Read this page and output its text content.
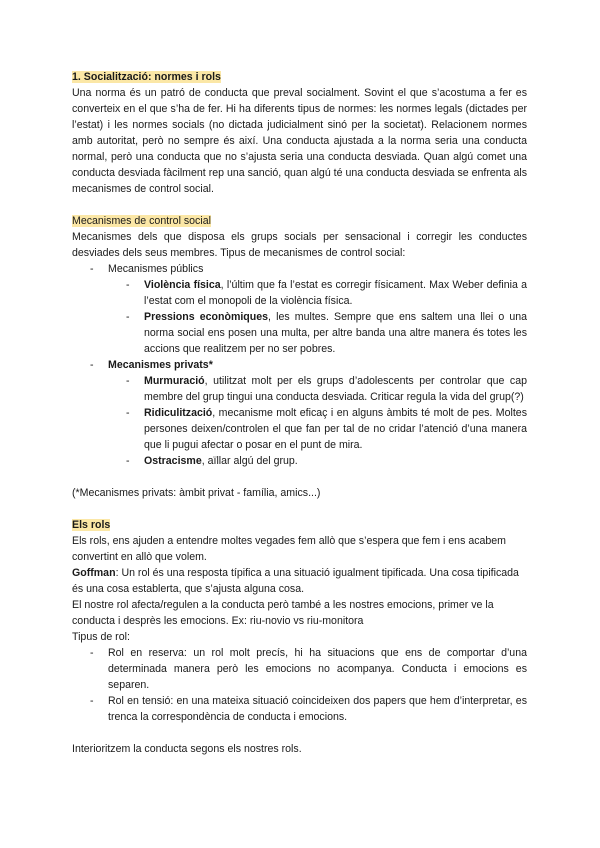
1. Socialització: normes i rols

Una norma és un patró de conducta que preval socialment. Sovint el que s’acostuma a fer es converteix en el que s’ha de fer. Hi ha diferents tipus de normes: les normes legals (dictades per l’estat) i les normes socials (no dictada judicialment sinó per la societat). Relacionem normes amb autoritat, però no sempre és així. Una conducta ajustada a la norma seria una conducta normal, però una conducta que no s’ajusta seria una conducta desviada. Quan algú comet una conducta desviada fàcilment rep una sanció, quan algú té una conducta desviada se enfrenta als mecanismes de control social.

Mecanismes de control social

Mecanismes dels que disposa els grups socials per sensacional i corregir les conductes desviades dels seus membres. Tipus de mecanismes de control social:

- Mecanismes públics
- Violència física, l’últim que fa l’estat es corregir físicament. Max Weber definia a l’estat com el monopoli de la violència física.
- Pressions econòmiques, les multes. Sempre que ens saltem una llei o una norma social ens posen una multa, per altre banda una altre manera és totes les accions que realitzem per no ser pobres.
- Mecanismes privats*
- Murmuració, utilitzat molt per els grups d’adolescents per controlar que cap membre del grup tingui una conducta desviada. Criticar regula la vida del grup(?)
- Ridiculització, mecanisme molt eficaç i en alguns àmbits té molt de pes. Moltes persones deixen/controlen el que fan per tal de no cridar l’atenció d’una manera que li pugui afectar o posar en el punt de mira.
- Ostracisme, aïllar algú del grup.

(*Mecanismes privats: àmbit privat - família, amics...)

Els rols

Els rols, ens ajuden a entendre moltes vegades fem allò que s’espera que fem i ens acabem convertint en allò que volem.

Goffman: Un rol és una resposta típifica a una situació igualment tipificada. Una cosa tipificada és una cosa establerta, que s’ajusta alguna cosa.

El nostre rol afecta/regulen a la conducta però també a les nostres emocions, primer ve la conducta i desprès les emocions. Ex: riu-novio vs riu-monitora

Tipus de rol:

- Rol en reserva: un rol molt precís, hi ha situacions que ens de comportar d’una determinada manera però les emocions no acompanya. Conducta i emocions es separen.
- Rol en tensió: en una mateixa situació coincideixen dos papers que hem d’interpretar, es trenca la correspondència de conducta i emocions.

Interioritzem la conducta segons els nostres rols.
